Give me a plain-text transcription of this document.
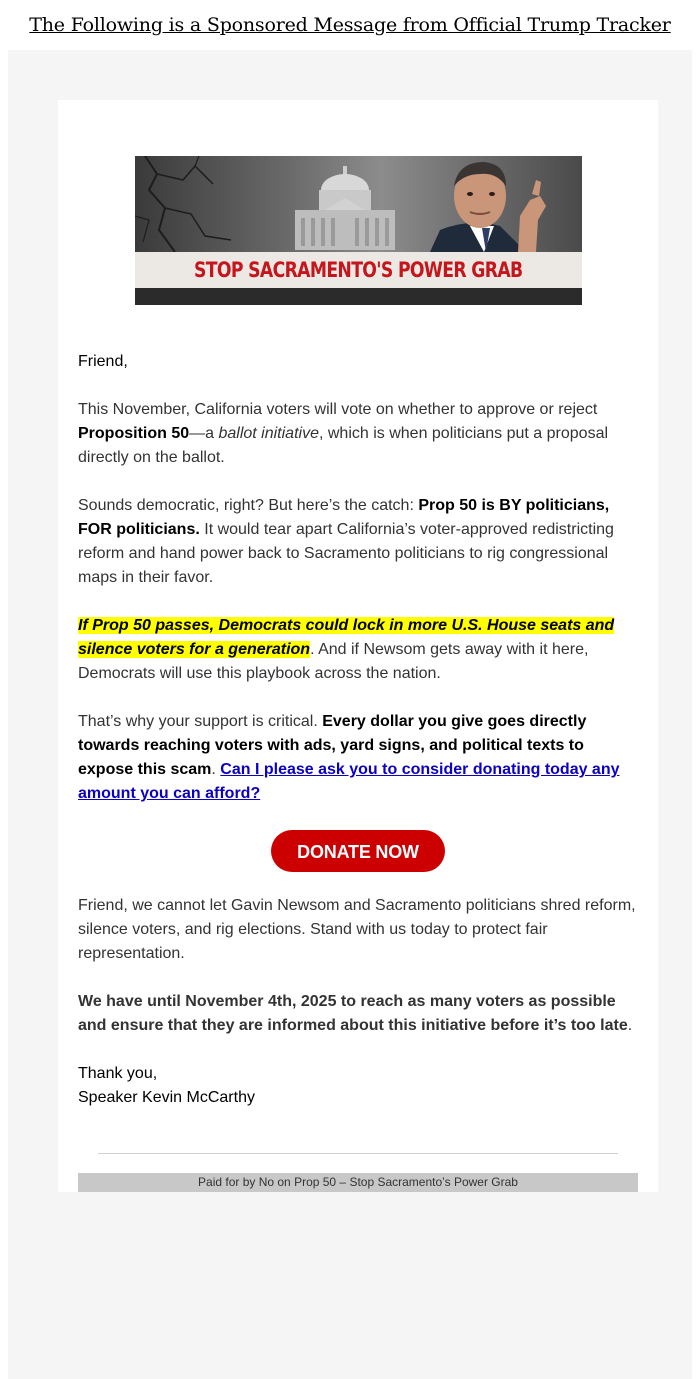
The Following is a Sponsored Message from Official Trump Tracker
STOP SACRAMENTO'S POWER GRAB

Friend,

This November, California voters will vote on whether to approve or reject Proposition 50—a ballot initiative, which is when politicians put a proposal directly on the ballot.

Sounds democratic, right? But here’s the catch: Prop 50 is BY politicians, FOR politicians. It would tear apart California’s voter-approved redistricting reform and hand power back to Sacramento politicians to rig congressional maps in their favor.

If Prop 50 passes, Democrats could lock in more U.S. House seats and silence voters for a generation. And if Newsom gets away with it here, Democrats will use this playbook across the nation.

That’s why your support is critical. Every dollar you give goes directly towards reaching voters with ads, yard signs, and political texts to expose this scam. Can I please ask you to consider donating today any amount you can afford?

DONATE NOW

Friend, we cannot let Gavin Newsom and Sacramento politicians shred reform, silence voters, and rig elections. Stand with us today to protect fair representation.

We have until November 4th, 2025 to reach as many voters as possible and ensure that they are informed about this initiative before it’s too late.

Thank you,

Speaker Kevin McCarthy

Paid for by No on Prop 50 – Stop Sacramento’s Power Grab
